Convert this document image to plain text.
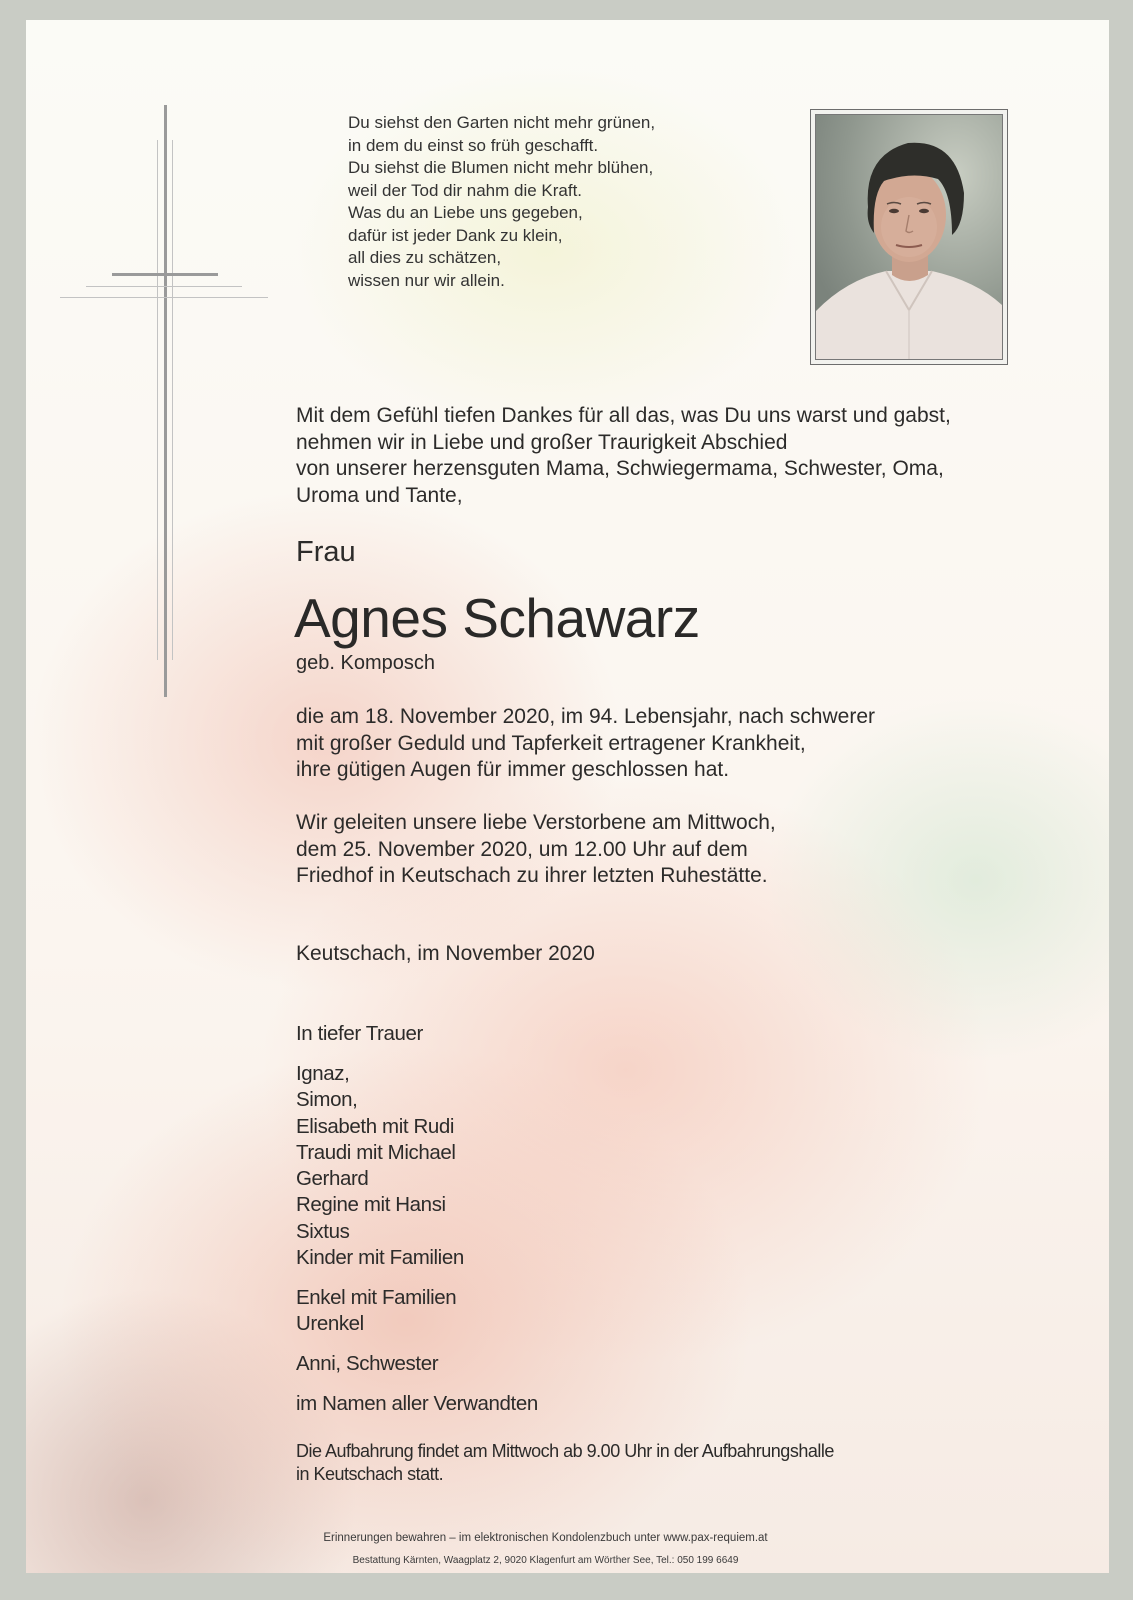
Du siehst den Garten nicht mehr grünen,
in dem du einst so früh geschafft.
Du siehst die Blumen nicht mehr blühen,
weil der Tod dir nahm die Kraft.
Was du an Liebe uns gegeben,
dafür ist jeder Dank zu klein,
all dies zu schätzen,
wissen nur wir allein.
Mit dem Gefühl tiefen Dankes für all das, was Du uns warst und gabst,
nehmen wir in Liebe und großer Traurigkeit Abschied
von unserer herzensguten Mama, Schwiegermama, Schwester, Oma,
Uroma und Tante,
Frau
Agnes Schawarz
geb. Komposch
die am 18. November 2020, im 94. Lebensjahr, nach schwerer
mit großer Geduld und Tapferkeit ertragener Krankheit,
ihre gütigen Augen für immer geschlossen hat.
Wir geleiten unsere liebe Verstorbene am Mittwoch,
dem 25. November 2020, um 12.00 Uhr auf dem
Friedhof in Keutschach zu ihrer letzten Ruhestätte.
Keutschach, im November 2020
In tiefer Trauer
Ignaz,
Simon,
Elisabeth mit Rudi
Traudi mit Michael
Gerhard
Regine mit Hansi
Sixtus
Kinder mit Familien
Enkel mit Familien
Urenkel
Anni, Schwester
im Namen aller Verwandten
Die Aufbahrung findet am Mittwoch ab 9.00 Uhr in der Aufbahrungshalle
in Keutschach statt.
Erinnerungen bewahren – im elektronischen Kondolenzbuch unter www.pax-requiem.at
Bestattung Kärnten, Waagplatz 2, 9020 Klagenfurt am Wörther See, Tel.: 050 199 6649
